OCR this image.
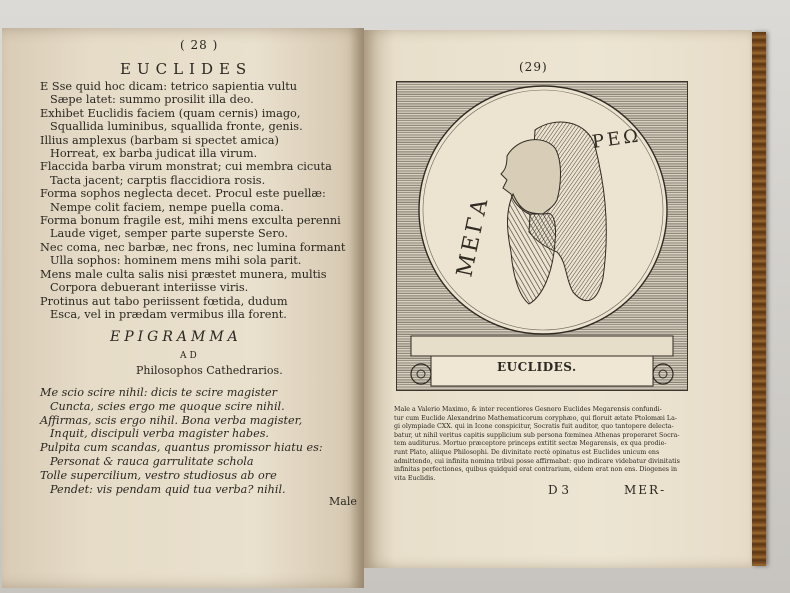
( 28 )
EUCLIDES
E Sse quid hoc dicam: tetrico sapientia vultu
Sæpe latet: summo prosilit illa deo.
Exhibet Euclidis faciem (quam cernis) imago,
Squallida luminibus, squallida fronte, genis.
Illius amplexus (barbam si spectet amica)
Horreat, ex barba judicat illa virum.
Flaccida barba virum monstrat; cui membra cicuta
Tacta jacent; carptis flaccidiora rosis.
Forma sophos neglecta decet. Procul este puellæ:
Nempe colit faciem, nempe puella coma.
Forma bonum fragile est, mihi mens exculta perenni
Laude viget, semper parte superste Sero.
Nec coma, nec barbæ, nec frons, nec lumina formant
Ulla sophos: hominem mens mihi sola parit.
Mens male culta salis nisi præstet munera, multis
Corpora debuerant interiisse viris.
Protinus aut tabo periissent fœtida, dudum
Esca, vel in prædam vermibus illa forent.
EPIGRAMMA
AD
Philosophos Cathedrarios.
Me scio scire nihil: dicis te scire magister
Cuncta, scies ergo me quoque scire nihil.
Affirmas, scis ergo nihil. Bona verba magister,
Inquit, discipuli verba magister habes.
Pulpita cum scandas, quantus promissor hiatu es:
Personat & rauca garrulitate schola
Tolle supercilium, vestro studiosus ab ore
Pendet: vis pendam quid tua verba? nihil.
Male
(29)
ΜΕΓΑ
ΡΕΩ
EUCLIDES.
Male a Valerio Maximo, & inter recentiores Gesnero Euclides Megarensis confundi-
tur cum Euclide Alexandrino Mathematicorum coryphæo, qui floruit ætate Ptolomæi La-
gi olympiade CXX. qui in Icone conspicitur, Socratis fuit auditor, quo tantopere delecta-
batur, ut nihil veritus capitis supplicium sub persona fœminea Athenas properaret Socra-
tem auditurus. Mortuo præceptore princeps extitit sectæ Megarensis, ex qua prodie-
runt Plato, aliique Philosophi. De divinitate rectè opinatus est Euclides unicum ens
admittendo, cui infinita nomina tribui posse affirmabat: quo indicare videbatur divinitatis
infinitas perfectiones, quibus quidquid erat contrarium, eidem erat non ens. Diogenes in
vita Euclidis.
D 3	MER-
